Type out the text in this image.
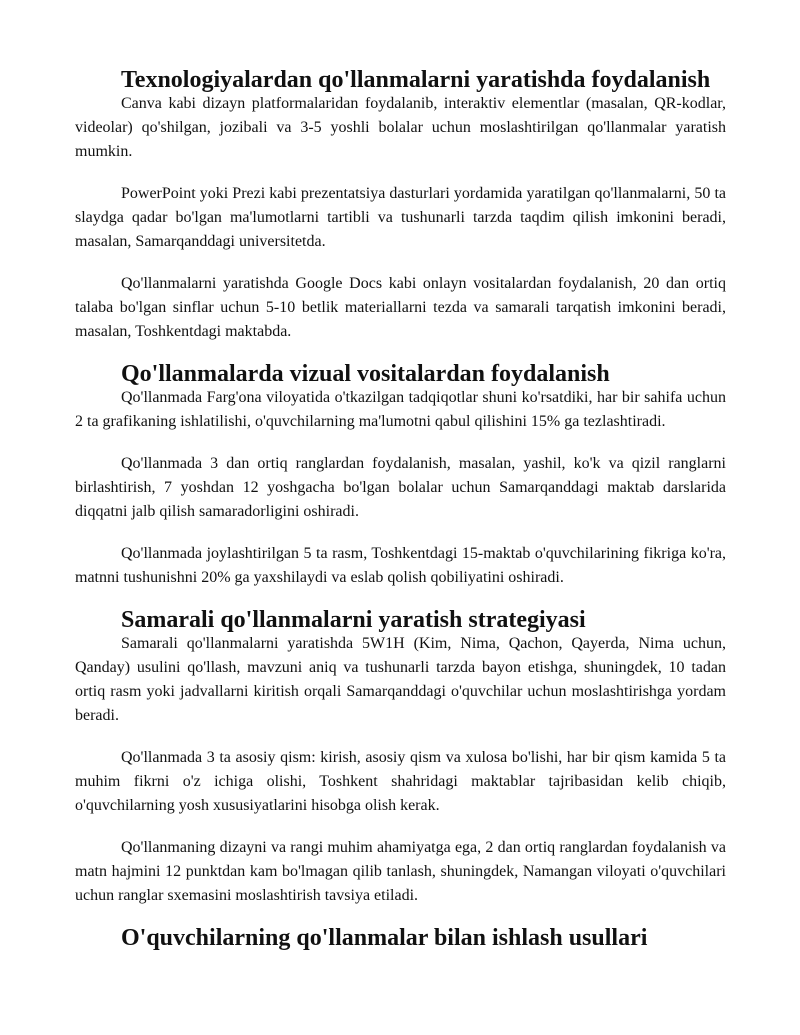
Texnologiyalardan qo'llanmalarni yaratishda foydalanish

Canva kabi dizayn platformalaridan foydalanib, interaktiv elementlar (masalan, QR-kodlar, videolar) qo'shilgan, jozibali va 3-5 yoshli bolalar uchun moslashtirilgan qo'llanmalar yaratish mumkin.

PowerPoint yoki Prezi kabi prezentatsiya dasturlari yordamida yaratilgan qo'llanmalarni, 50 ta slaydga qadar bo'lgan ma'lumotlarni tartibli va tushunarli tarzda taqdim qilish imkonini beradi, masalan, Samarqanddagi universitetda.

Qo'llanmalarni yaratishda Google Docs kabi onlayn vositalardan foydalanish, 20 dan ortiq talaba bo'lgan sinflar uchun 5-10 betlik materiallarni tezda va samarali tarqatish imkonini beradi, masalan, Toshkentdagi maktabda.

Qo'llanmalarda vizual vositalardan foydalanish

Qo'llanmada Farg'ona viloyatida o'tkazilgan tadqiqotlar shuni ko'rsatdiki, har bir sahifa uchun 2 ta grafikaning ishlatilishi, o'quvchilarning ma'lumotni qabul qilishini 15% ga tezlashtiradi.

Qo'llanmada 3 dan ortiq ranglardan foydalanish, masalan, yashil, ko'k va qizil ranglarni birlashtirish, 7 yoshdan 12 yoshgacha bo'lgan bolalar uchun Samarqanddagi maktab darslarida diqqatni jalb qilish samaradorligini oshiradi.

Qo'llanmada joylashtirilgan 5 ta rasm, Toshkentdagi 15-maktab o'quvchilarining fikriga ko'ra, matnni tushunishni 20% ga yaxshilaydi va eslab qolish qobiliyatini oshiradi.

Samarali qo'llanmalarni yaratish strategiyasi

Samarali qo'llanmalarni yaratishda 5W1H (Kim, Nima, Qachon, Qayerda, Nima uchun, Qanday) usulini qo'llash, mavzuni aniq va tushunarli tarzda bayon etishga, shuningdek, 10 tadan ortiq rasm yoki jadvallarni kiritish orqali Samarqanddagi o'quvchilar uchun moslashtirishga yordam beradi.

Qo'llanmada 3 ta asosiy qism: kirish, asosiy qism va xulosa bo'lishi, har bir qism kamida 5 ta muhim fikrni o'z ichiga olishi, Toshkent shahridagi maktablar tajribasidan kelib chiqib, o'quvchilarning yosh xususiyatlarini hisobga olish kerak.

Qo'llanmaning dizayni va rangi muhim ahamiyatga ega, 2 dan ortiq ranglardan foydalanish va matn hajmini 12 punktdan kam bo'lmagan qilib tanlash, shuningdek, Namangan viloyati o'quvchilari uchun ranglar sxemasini moslashtirish tavsiya etiladi.

O'quvchilarning qo'llanmalar bilan ishlash usullari
